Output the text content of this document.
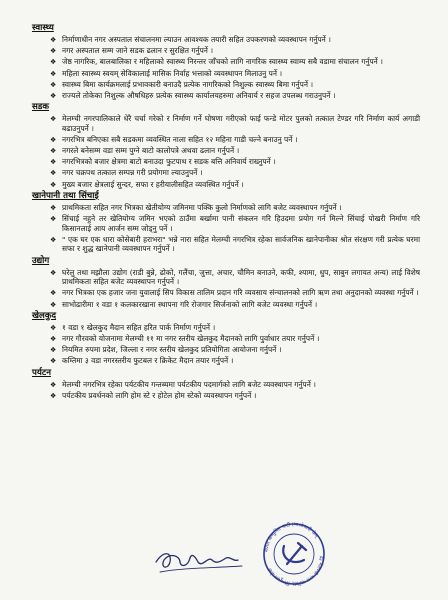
स्वास्थ्य
❖ निर्माणाधीन नगर अस्पताल संचालनमा ल्याउन आवश्यक तयारी सहित उपकरणको व्यवस्थापन गर्नुपर्ने ।
❖ नगर अस्पताल सम्म जाने सडक ढलान र सुरक्षित गर्नुपर्ने ।
❖ जेष्ठ नागरिक, बालबालिका र महिलाको स्वास्थ्य निरन्तर जाँचको लागि नागरिक स्वास्थ्य स्वाम्य सबै वडामा संचालन गर्नुपर्ने ।
❖ महिला स्वास्थ्य स्वयम् सेविकालाई मासिक निर्वाह भत्ताको व्यवस्थापन मिलाउनु पर्ने ।
❖ स्वास्थ्य बिमा कार्यक्रमलाई प्रभावकारी बनाउदै प्रत्येक नागरिकको निशुल्क स्वास्थ्य बिमा गर्नुपर्ने ।
❖ राज्यले तोकेका निशुल्क औषधिहरु प्रत्येक स्वास्थ्य कार्यालयहरुमा अनिवार्य र सहज उपलब्ध गराउनुपर्ने ।
सडक
❖ मेलम्ची नगरपालिकाले धेरै चर्चा गरेको र निर्माण गर्ने घोषणा गरीएको फाई फन्डे मोटर पुलको तत्काल टेण्डर गरि निर्माण कार्य अगाडी बढाउनुपर्ने ।
❖ नगरभित्र बनिएका सबै सडकमा व्यवस्थित नाला सहित १२ महिना गाडी चल्ने बनाउनु पर्ने ।
❖ नगरले बनेसम्म वडा सम्म पुग्ने बाटो कालोपत्रे अथवा ढलान गर्नुपर्ने ।
❖ नगरभित्रको बजार क्षेत्रमा बाटो बनाउदा फुटपाथ र सडक बत्ति अनिवार्य राख्नुपर्ने ।
❖ नगर चक्रपथ तत्काल सम्पन्न गरी प्रयोगमा ल्याउनुपर्ने ।
❖ मुख्य बजार क्षेत्रलाई सुन्दर, सफा र हरीयालीसहित व्यवस्थित गर्नुपर्ने ।
खानेपानी तथा सिंचाई
❖ प्राथमिकता सहित नगर भित्रका खेतीयोग्य जमिनमा पक्कि कुलो निर्माणको लागि बजेट व्यवस्थापन गर्नुपर्ने ।
❖ सिंचाई नहुने तर खेतियोग्य जमिन भएको ठाउँमा बर्खामा पानी संकलन गरि हिउदमा प्रयोग गर्न मिल्ने सिंचाई पोखरी निर्माण गरि किसानलाई आय आर्जन सम्म जोड्नु पर्ने ।
❖ " एक घर एक धारा कोसेबारी हराभरा" भन्ने नारा सहित मेलम्ची नगरभित्र रहेका सार्वजनिक खानेपानीका श्रोत संरक्षण गरी प्रत्येक घरमा सफा र शुद्ध खानेपानी व्यवस्थापन गर्नुपर्ने ।
उद्योग
❖ घरेलु तथा मझौला उद्योग (राडी बुन्ने, ढोको, गलैंचा, जुत्ता, अचार, चौमिन बनाउने, कफी, श्यामा, धुप, साबुन लगायत अन्य) लाई विशेष प्राथमिकता सहित बजेट व्यवस्थापन गर्नुपर्ने ।
❖ नगर भित्रका एक हजार जना युवालाई सिप विकास तालिम प्रदान गरि व्यवसाय संन्चालनको लागि ऋण तथा अनुदानको व्यवस्था गर्नुपर्ने ।
❖ साभोढारीमा १ वडा १ कलकारखाना स्थापना गरि रोजगार सिर्जनाको लागि बजेट व्यवस्था गर्नुपर्ने ।
खेलकुद
❖ १ वडा १ खेलकुद मैदान सहित हरित पार्क निर्माण गर्नुपर्ने ।
❖ नगर गौरवको योजनामा मेलम्ची ११ मा नगर स्तरीय खेलकुद मैदानको लागि पुर्वाधार तयार गर्नुपर्ने ।
❖ नियमित रुपमा प्रदेश, जिल्ला र नगर स्तरीय खेलकुद प्रतियोगिता आयोजना गर्नुपर्ने ।
❖ कम्तिमा ३ वडा नगरस्तरीय फुटबल र क्रिकेट मैदान तयार गर्नुपर्ने ।
पर्यटन
❖ मेलम्ची नगरभित्र रहेका पर्यटकीय गन्तब्यमा पर्यटकीय पदमार्गको लागि बजेट व्यवस्थापन गर्नुपर्ने ।
❖ पर्यटकीय प्रवर्धनको लागि होम स्टे र होटेल होम स्टेको व्यवस्थापन गर्नुपर्ने ।
नेपाल कम्युनिष्ट पार्टी (माओवादी केन्
द्र) मेलम्ची नगर कमिटी, सिन्धुपाल्चोक
